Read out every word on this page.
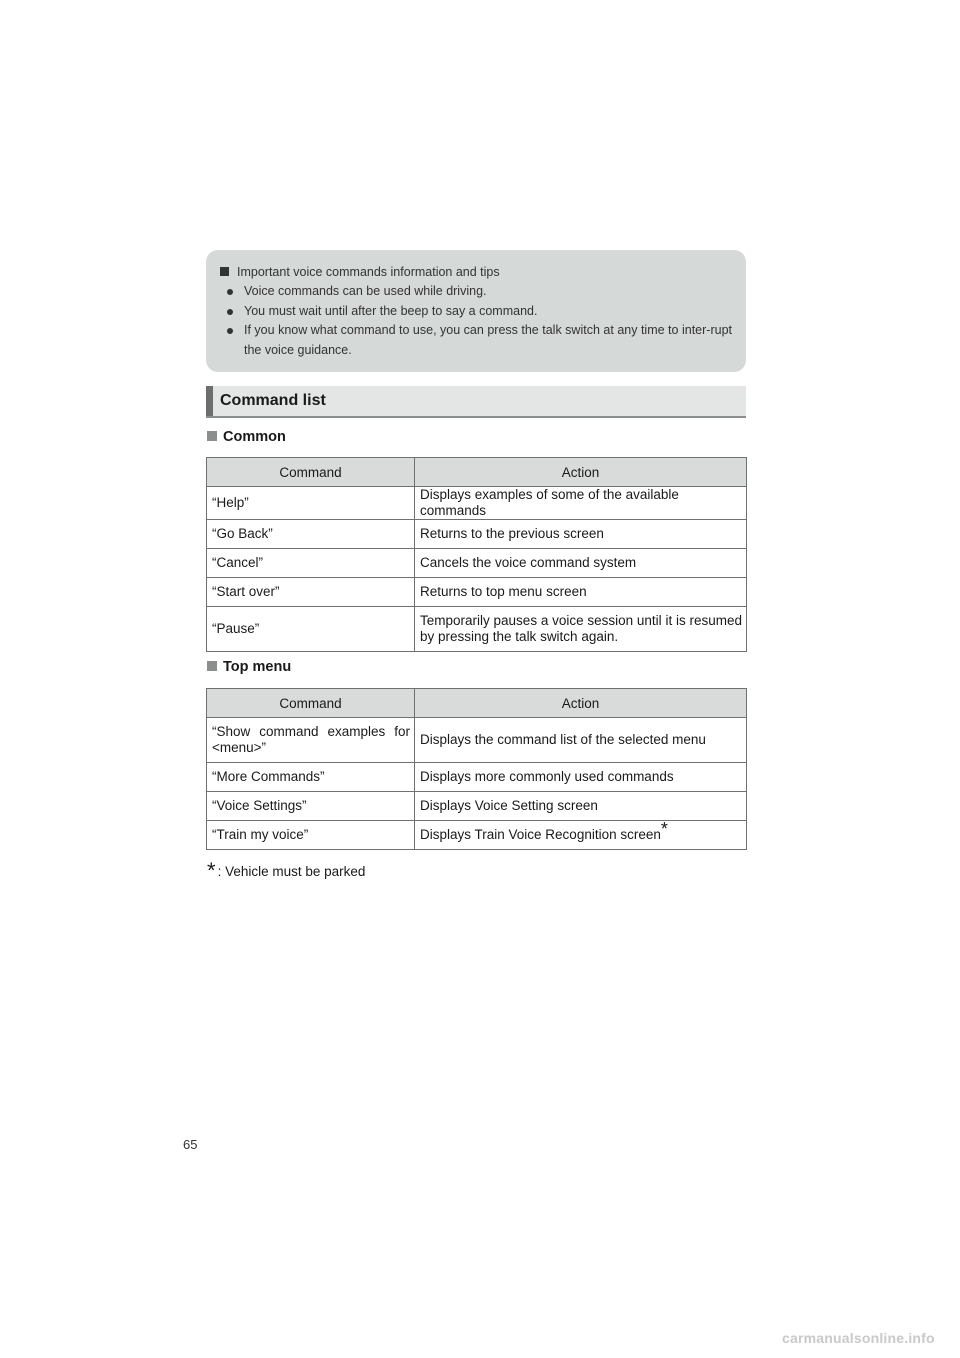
Important voice commands information and tips
Voice commands can be used while driving.
You must wait until after the beep to say a command.
If you know what command to use, you can press the talk switch at any time to inter-rupt the voice guidance.
Command list
Common
Command	Action
“Help”	Displays examples of some of the available commands
“Go Back”	Returns to the previous screen
“Cancel”	Cancels the voice command system
“Start over”	Returns to top menu screen
“Pause”	Temporarily pauses a voice session until it is resumed by pressing the talk switch again.
Top menu
Command	Action
“Show command examples for <menu>”	Displays the command list of the selected menu
“More Commands”	Displays more commonly used commands
“Voice Settings”	Displays Voice Setting screen
“Train my voice”	Displays Train Voice Recognition screen*
* : Vehicle must be parked
65
carmanualsonline.info
